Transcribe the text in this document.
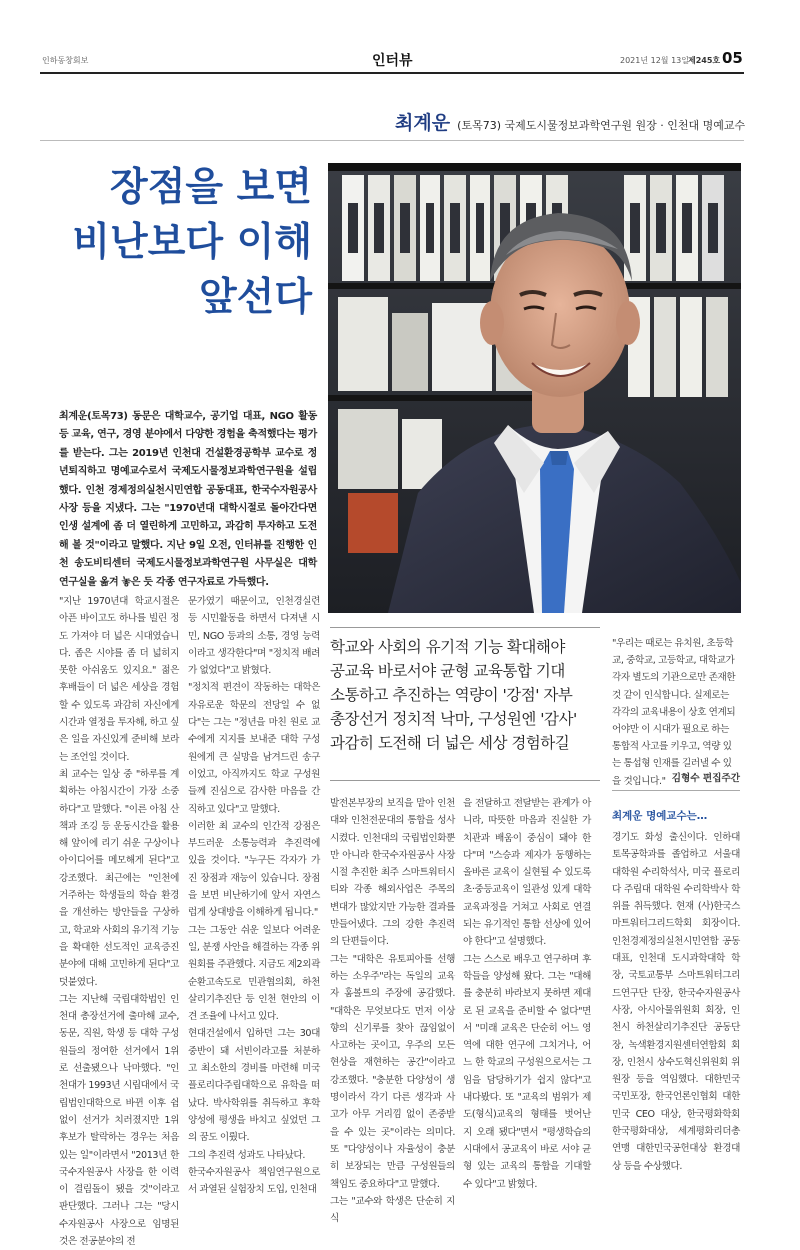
인하동창회보	인터뷰	2021년 12월 13일 제245호 05
최계운 (토목73) 국제도시물정보과학연구원 원장 · 인천대 명예교수
장점을 보면
비난보다 이해
앞선다
최계운(토목73) 동문은 대학교수, 공기업 대표, NGO 활동 등 교육, 연구, 경영 분야에서 다양한 경험을 축적했다는 평가를 받는다. 그는 2019년 인천대 건설환경공학부 교수로 정년퇴직하고 명예교수로서 국제도시물정보과학연구원을 설립했다. 인천 경제정의실천시민연합 공동대표, 한국수자원공사 사장 등을 지냈다. 그는 "1970년대 대학시절로 돌아간다면 인생 설계에 좀 더 열린하게 고민하고, 과감히 투자하고 도전해 볼 것"이라고 말했다. 지난 9일 오전, 인터뷰를 진행한 인천 송도비티센터 국제도시물정보과학연구원 사무실은 대학 연구실을 옮겨 놓은 듯 각종 연구자료로 가득했다.

"지난 1970년대 학교시절은 아픈 바이고도 하나를 빌린 정도 가져야 더 넓은 시대였습니다. 좁은 시야를 좀 더 넓히지 못한 아쉬움도 있지요." 젊은 후배들이 더 넓은 세상을 경험할 수 있도록 과감히 자신에게 시간과 열정을 투자해, 하고 싶은 일을 자신있게 준비해 보라는 조언일 것이다.

최 교수는 일상 중 "하루를 계획하는 아침시간이 가장 소중하다"고 말했다. "이른 아침 산책과 조깅 등 운동시간을 활용해 앞이에 리기 쉬운 구상이나 아이디어를 메모해게 된다"고 강조했다. 최근에는 "인천에 거주하는 학생들의 학습 환경을 개선하는 방안들을 구상하고, 학교와 사회의 유기적 기능을 확대한 선도적인 교육증진 분야에 대해 고민하게 된다"고 덧붙였다.

그는 지난해 국립대학법인 인천대 총장선거에 출마해 교수, 동문, 직원, 학생 등 대학 구성원들의 정여한 선거에서 1위로 선출됐으나 낙마했다. "인천대가 1993년 시립대에서 국립법인대학으로 바뀐 이후 쉼없이 선거가 치러졌지만 1위 후보가 탈락하는 경우는 처음 있는 일"이라면서 "2013년 한국수자원공사 사장을 한 이력이 결림돌이 됐을 것"이라고 판단했다. 그러나 그는 "당시 수자원공사 사장으로 임명된 것은 전공분야의 전

문가였기 때문이고, 인천경실련 등 시민활동을 하면서 다져낸 시민, NGO 등과의 소통, 경영 능력이라고 생각한다"며 "정치적 배려가 없었다"고 밝혔다.

"정치적 편견이 작동하는 대학은 자유로운 학문의 전당일 수 없다"는 그는 "정년을 마친 원로 교수에게 지지를 보내준 대학 구성원에게 큰 실망을 남겨드린 송구이었고, 아직까지도 학교 구성원들께 진심으로 감사한 마음을 간직하고 있다"고 말했다.

이러한 최 교수의 인간적 강점은 부드러운 소통능력과 추진력에 있을 것이다. "누구든 각자가 가진 장점과 재능이 있습니다. 장점을 보면 비난하기에 앞서 자연스럽게 상대방을 이해하게 됩니다."

그는 그동안 쉬운 일보다 어려운 일, 분쟁 사안을 해결하는 각종 위원회를 주관했다. 지금도 제2외곽순환고속도로 민관협의회, 하천살리기추진단 등 인천 현안의 이견 조율에 나서고 있다.

현대건설에서 입하던 그는 30대 중반이 돼 서빈이라고를 처분하고 최소한의 경비를 마련해 미국 플로리다주립대학으로 유학을 떠났다. 박사학위를 취득하고 후학 양성에 평생을 바치고 싶었던 그의 꿈도 이뤘다.

그의 추진력 성과도 나타났다.

한국수자원공사 책임연구원으로서 과열된 실험장치 도입, 인천대

학교와 사회의 유기적 기능 확대해야
공교육 바로서야 균형 교육통합 기대
소통하고 추진하는 역량이 '강점' 자부
총장선거 정치적 낙마, 구성원엔 '감사'
과감히 도전해 더 넓은 세상 경험하길

발전본부장의 보직을 맡아 인천대와 인천전문대의 통합을 성사시켰다. 인천대의 국립법인화뿐만 아니라 한국수자원공사 사장 시절 추진한 최주 스마트워터시티와 각종 해외사업은 주목의 변대가 많았지만 가능한 결과를 만들어냈다. 그의 강한 추진력의 단편들이다.

그는 "대학은 유토피아를 선행하는 소우주"라는 독일의 교육자 훔볼트의 주장에 공감했다. "대학은 무엇보다도 먼저 이상향의 신기루를 찾아 끊임없이 사고하는 곳이고, 우주의 모든 현상을 재현하는 공간"이라고 강조했다. "충분한 다양성이 생명이라서 각기 다른 생각과 사고가 아무 거리낌 없이 존중받을 수 있는 곳"이라는 의미다. 또 "다양성이나 자율성이 충분히 보장되는 만큼 구성원들의 책임도 중요하다"고 말했다.

그는 "교수와 학생은 단순히 지식

을 전달하고 전달받는 관계가 아니라, 따뜻한 마음과 진실한 가치관과 배움이 중심이 돼야 한다"며 "스승과 제자가 동행하는 올바른 교육이 실현될 수 있도록 초·중등교육이 일관성 있게 대학교육과정을 거쳐고 사회로 연결되는 유기적인 통합 선상에 있어야 한다"고 설명했다.

그는 스스로 배우고 연구하며 후학들을 양성해 왔다. 그는 "대해를 충분히 바라보지 못하면 제대로 된 교육을 준비할 수 없다"면서 "미래 교육은 단순히 어느 영역에 대한 연구에 그치거나, 어느 한 학교의 구성원으로서는 그 임을 담당하기가 쉽지 않다"고 내다봤다. 또 "교육의 범위가 제도(형식)교육의 형태를 벗어난 지 오래 됐다"면서 "평생학습의 시대에서 공교육이 바로 서야 균형 있는 교육의 통합을 기대할 수 있다"고 밝혔다.

"우리는 때로는 유치원, 초등학교, 중학교, 고등학교, 대학교가 각자 별도의 기관으로만 존재한 것 같이 인식합니다. 실제로는 각각의 교육내용이 상호 연계되어야만 이 시대가 필요로 하는 통합적 사고를 키우고, 역량 있는 통섭형 인재를 길러낼 수 있을 것입니다." 김형수 편집주간
최계운 명예교수는…
경기도 화성 출신이다. 인하대 토목공학과를 졸업하고 서울대 대학원 수리학석사, 미국 플로리다 주립대 대학원 수리학박사 학위를 취득했다. 현재 (사)한국스마트워터그리드학회 회장이다. 인천경제정의실천시민연합 공동대표, 인천대 도시과학대학 학장, 국토교통부 스마트워터그리드연구단 단장, 한국수자원공사 사장, 아시아물위원회 회장, 인천시 하천살리기추진단 공동단장, 녹색환경지원센터연합회 회장, 인천시 상수도혁신위원회 위원장 등을 역임했다. 대한민국 국민포장, 한국언론인협회 대한민국 CEO 대상, 한국평화학회 한국평화대상, 세계평화리더총연맹 대한민국공헌대상 환경대상 등을 수상했다.
